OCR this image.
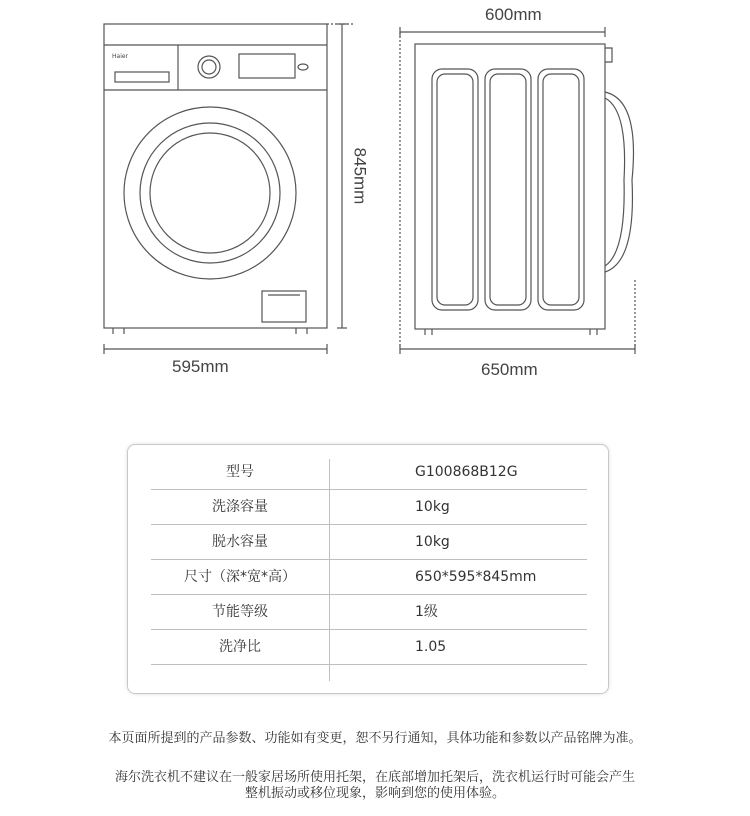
Haier
595mm
845mm
600mm
650mm
型号	G100868B12G
洗涤容量	10kg
脱水容量	10kg
尺寸（深*宽*高）	650*595*845mm
节能等级	1级
洗净比	1.05
本页面所提到的产品参数、功能如有变更，恕不另行通知，具体功能和参数以产品铭牌为准。
海尔洗衣机不建议在一般家居场所使用托架，在底部增加托架后，洗衣机运行时可能会产生
整机振动或移位现象，影响到您的使用体验。
